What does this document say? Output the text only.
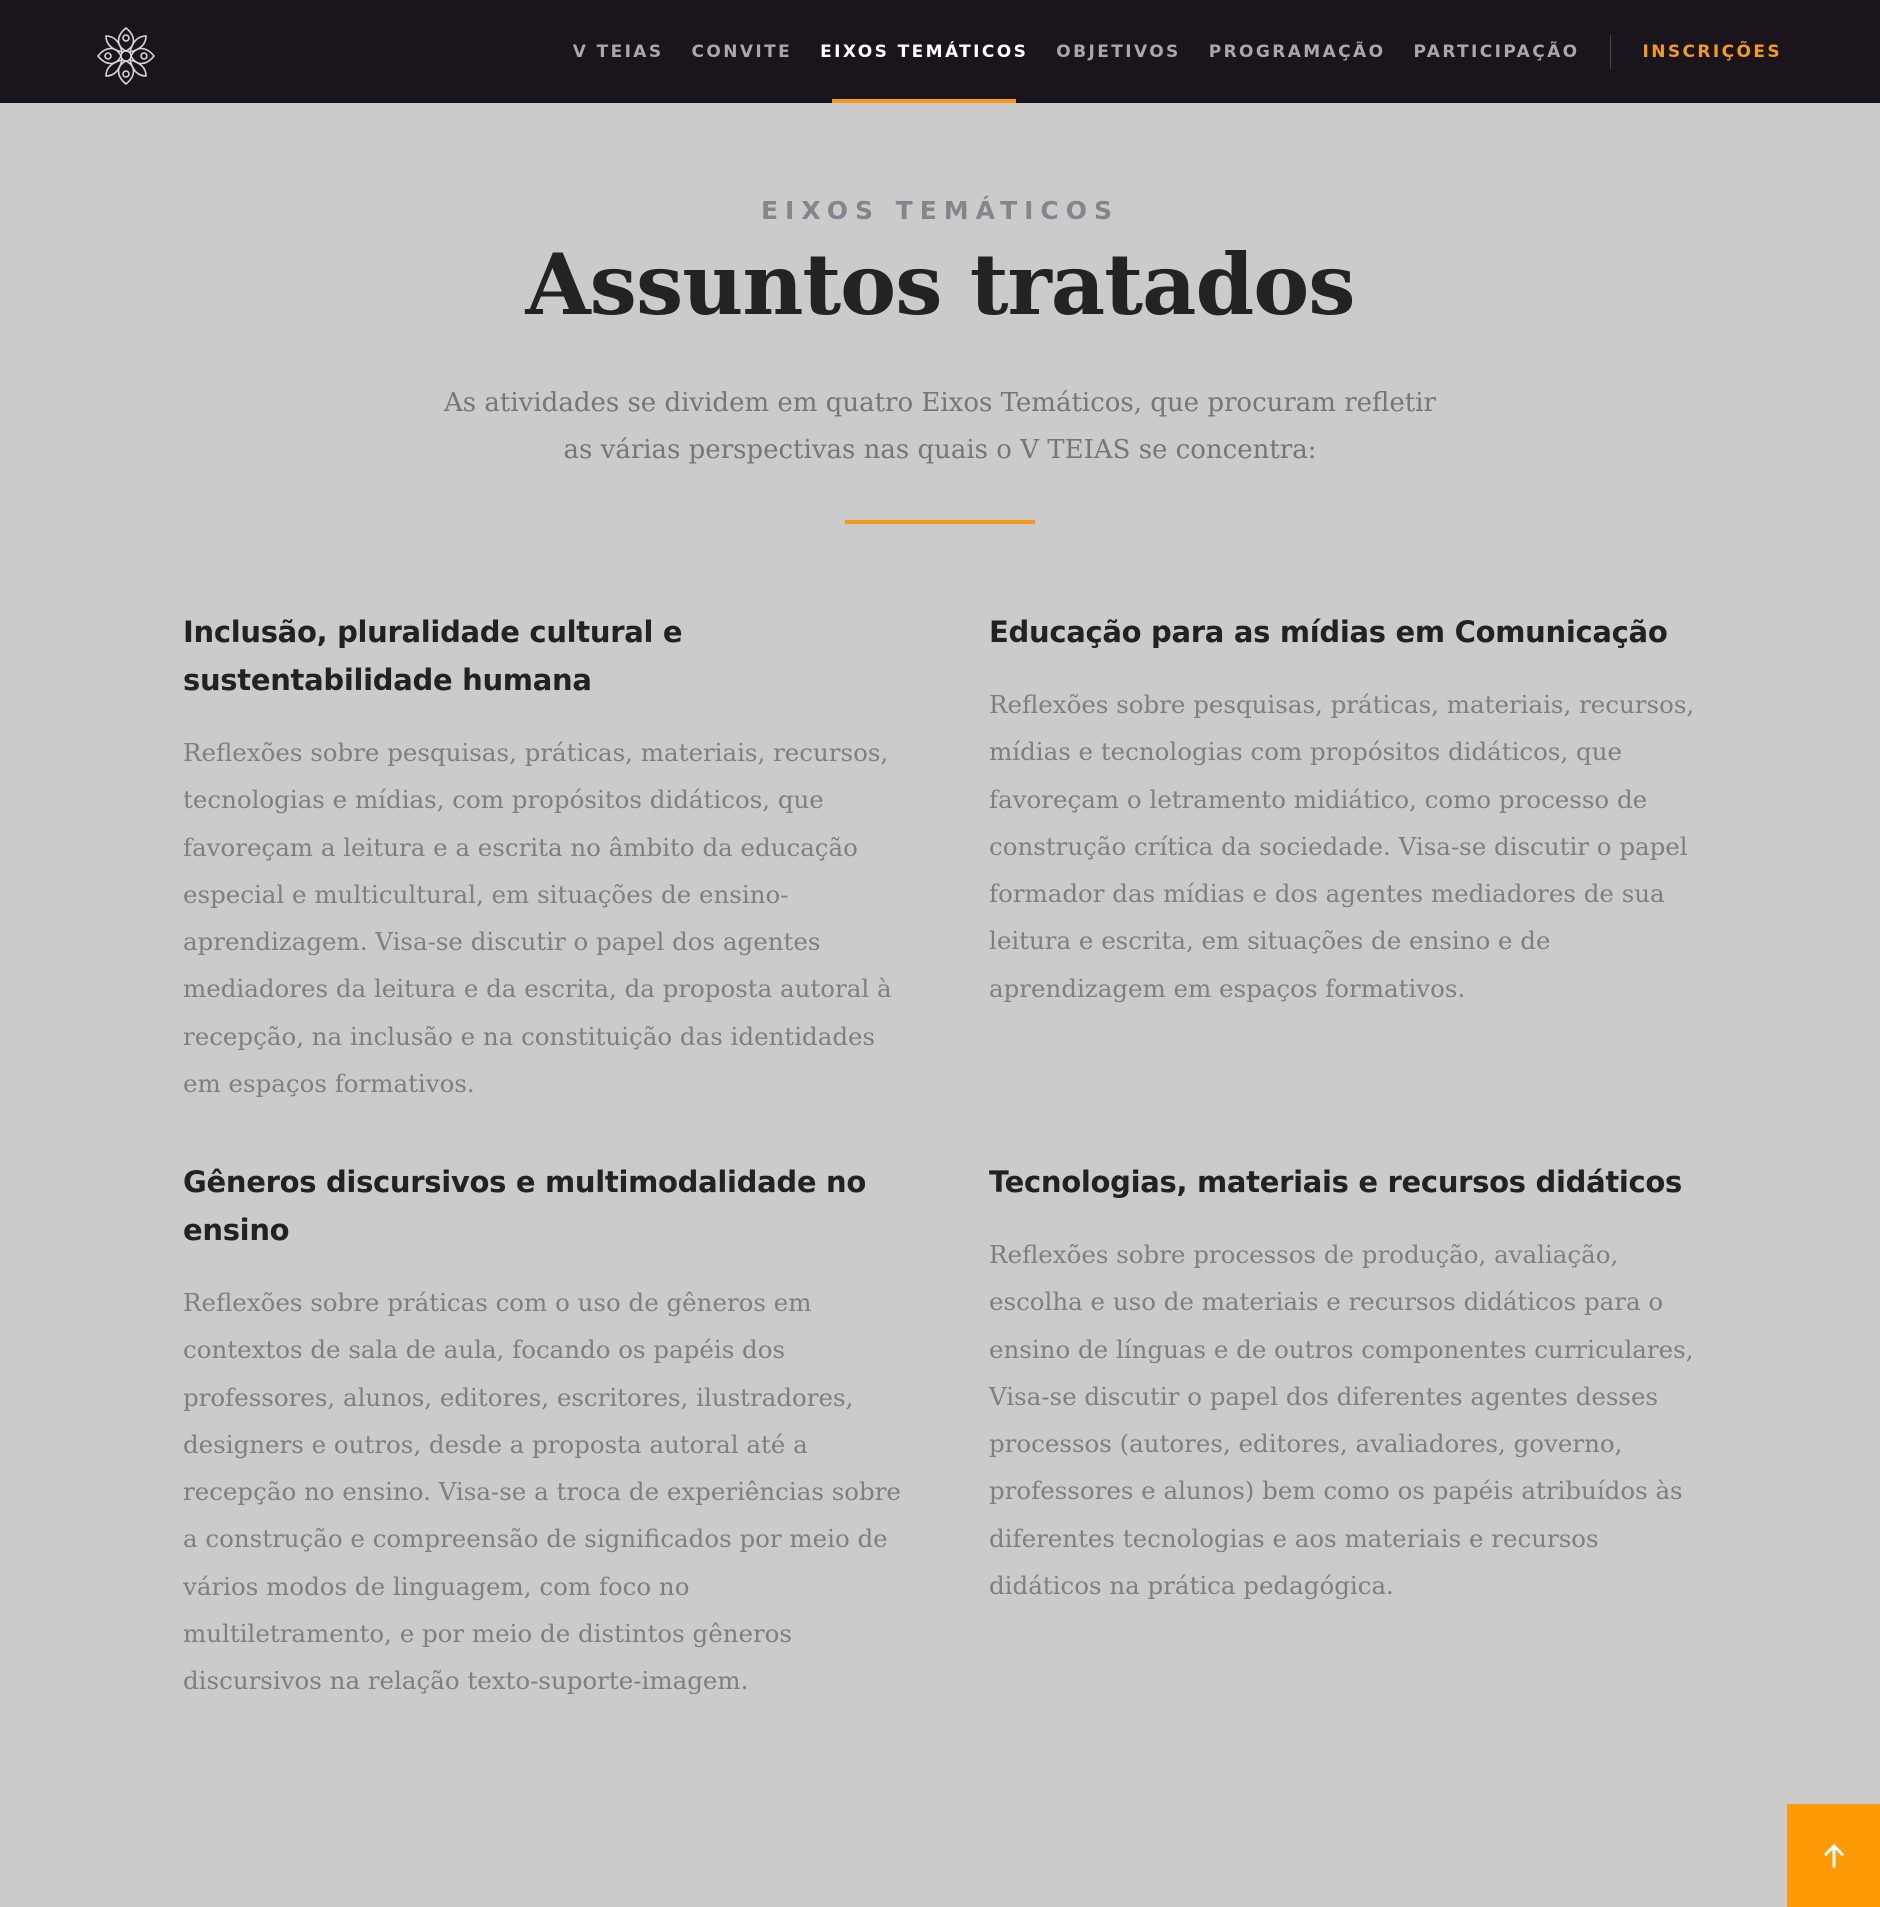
V TEIAS	CONVITE	EIXOS TEMÁTICOS	OBJETIVOS	PROGRAMAÇÃO	PARTICIPAÇÃO	INSCRIÇÕES
EIXOS TEMÁTICOS
Assuntos tratados

As atividades se dividem em quatro Eixos Temáticos, que procuram refletir as várias perspectivas nas quais o V TEIAS se concentra:

Inclusão, pluralidade cultural e sustentabilidade humana

Reflexões sobre pesquisas, práticas, materiais, recursos, tecnologias e mídias, com propósitos didáticos, que favoreçam a leitura e a escrita no âmbito da educação especial e multicultural, em situações de ensino-aprendizagem. Visa-se discutir o papel dos agentes mediadores da leitura e da escrita, da proposta autoral à recepção, na inclusão e na constituição das identidades em espaços formativos.

Educação para as mídias em Comunicação

Reflexões sobre pesquisas, práticas, materiais, recursos, mídias e tecnologias com propósitos didáticos, que favoreçam o letramento midiático, como processo de construção crítica da sociedade. Visa-se discutir o papel formador das mídias e dos agentes mediadores de sua leitura e escrita, em situações de ensino e de aprendizagem em espaços formativos.

Gêneros discursivos e multimodalidade no ensino

Reflexões sobre práticas com o uso de gêneros em contextos de sala de aula, focando os papéis dos professores, alunos, editores, escritores, ilustradores, designers e outros, desde a proposta autoral até a recepção no ensino. Visa-se a troca de experiências sobre a construção e compreensão de significados por meio de vários modos de linguagem, com foco no multiletramento, e por meio de distintos gêneros discursivos na relação texto-suporte-imagem.

Tecnologias, materiais e recursos didáticos

Reflexões sobre processos de produção, avaliação, escolha e uso de materiais e recursos didáticos para o ensino de línguas e de outros componentes curriculares, Visa-se discutir o papel dos diferentes agentes desses processos (autores, editores, avaliadores, governo, professores e alunos) bem como os papéis atribuídos às diferentes tecnologias e aos materiais e recursos didáticos na prática pedagógica.
